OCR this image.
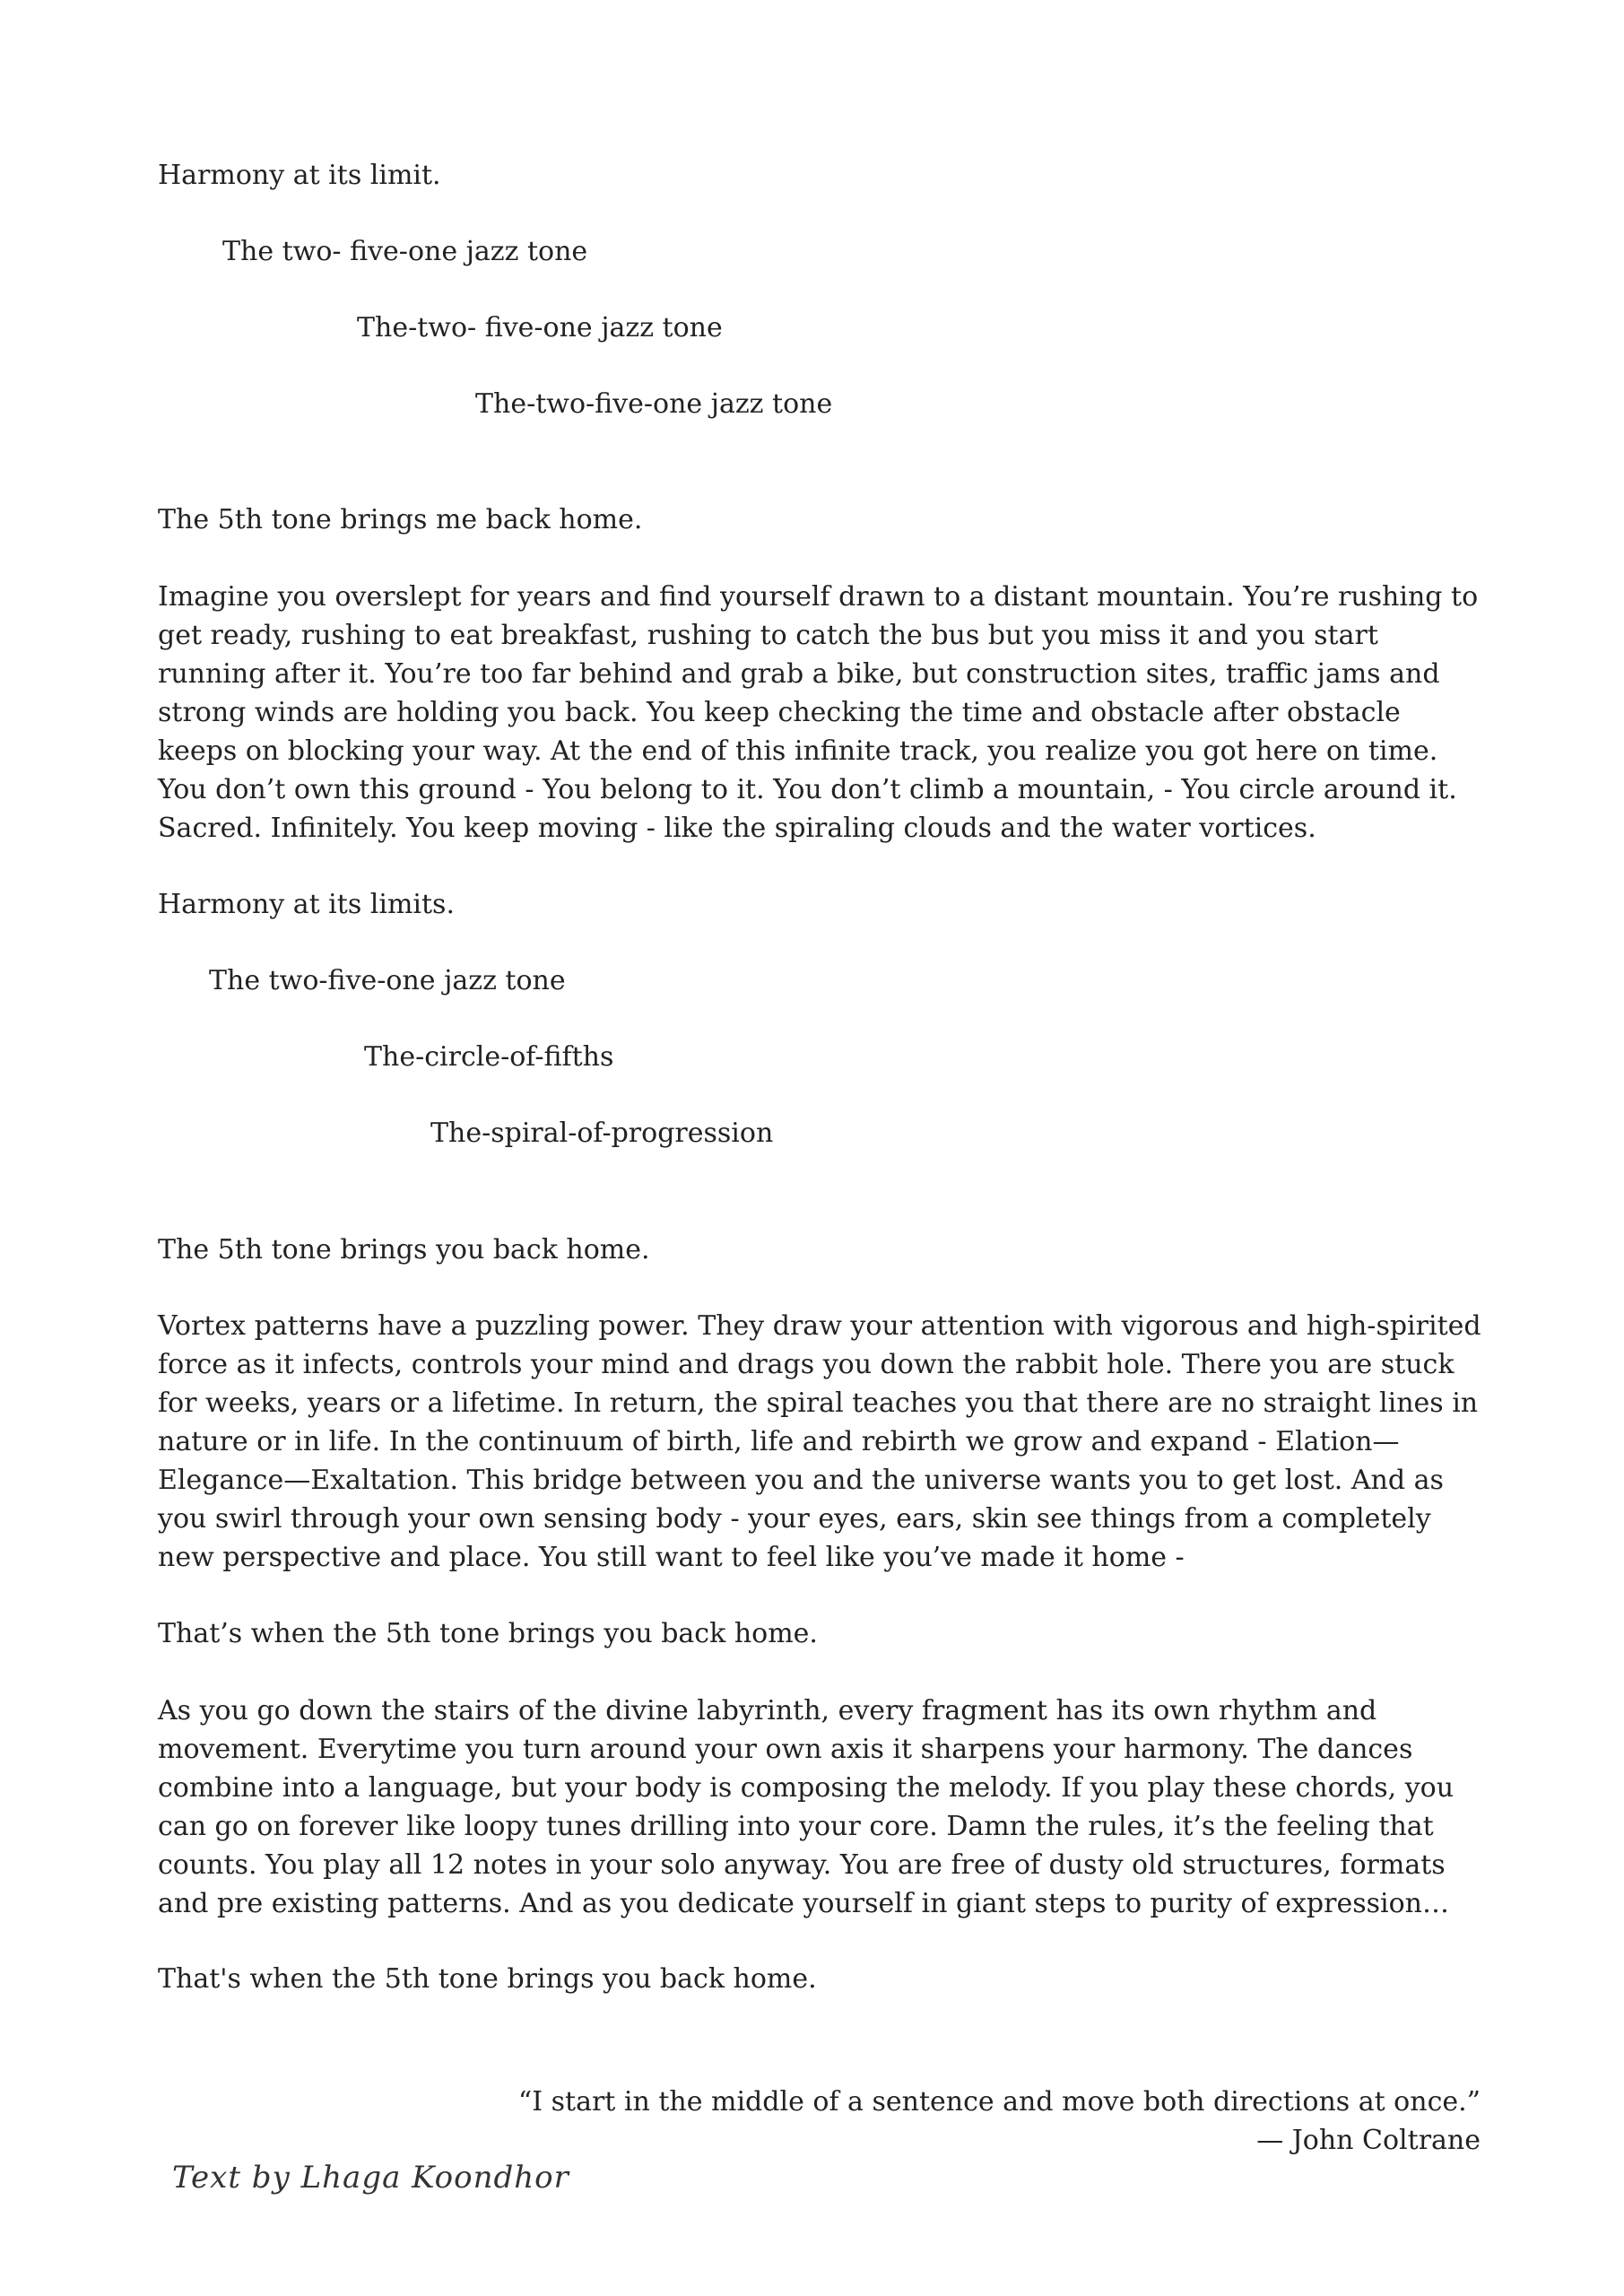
Harmony at its limit.

The two- five-one jazz tone

The-two- five-one jazz tone

The-two-five-one jazz tone

The 5th tone brings me back home.

Imagine you overslept for years and find yourself drawn to a distant mountain. You’re rushing to get ready, rushing to eat breakfast, rushing to catch the bus but you miss it and you start running after it. You’re too far behind and grab a bike, but construction sites, traffic jams and strong winds are holding you back. You keep checking the time and obstacle after obstacle keeps on blocking your way. At the end of this infinite track, you realize you got here on time. You don’t own this ground - You belong to it. You don’t climb a mountain, - You circle around it. Sacred. Infinitely. You keep moving - like the spiraling clouds and the water vortices.

Harmony at its limits.

The two-five-one jazz tone

The-circle-of-fifths

The-spiral-of-progression

The 5th tone brings you back home.

Vortex patterns have a puzzling power. They draw your attention with vigorous and high-spirited force as it infects, controls your mind and drags you down the rabbit hole. There you are stuck for weeks, years or a lifetime. In return, the spiral teaches you that there are no straight lines in nature or in life. In the continuum of birth, life and rebirth we grow and expand - Elation—Elegance—Exaltation. This bridge between you and the universe wants you to get lost. And as you swirl through your own sensing body - your eyes, ears, skin see things from a completely new perspective and place. You still want to feel like you’ve made it home -

That’s when the 5th tone brings you back home.

As you go down the stairs of the divine labyrinth, every fragment has its own rhythm and movement. Everytime you turn around your own axis it sharpens your harmony. The dances combine into a language, but your body is composing the melody. If you play these chords, you can go on forever like loopy tunes drilling into your core. Damn the rules, it’s the feeling that counts. You play all 12 notes in your solo anyway. You are free of dusty old structures, formats and pre existing patterns. And as you dedicate yourself in giant steps to purity of expression…

That's when the 5th tone brings you back home.

“I start in the middle of a sentence and move both directions at once.”
— John Coltrane
Text by Lhaga Koondhor
